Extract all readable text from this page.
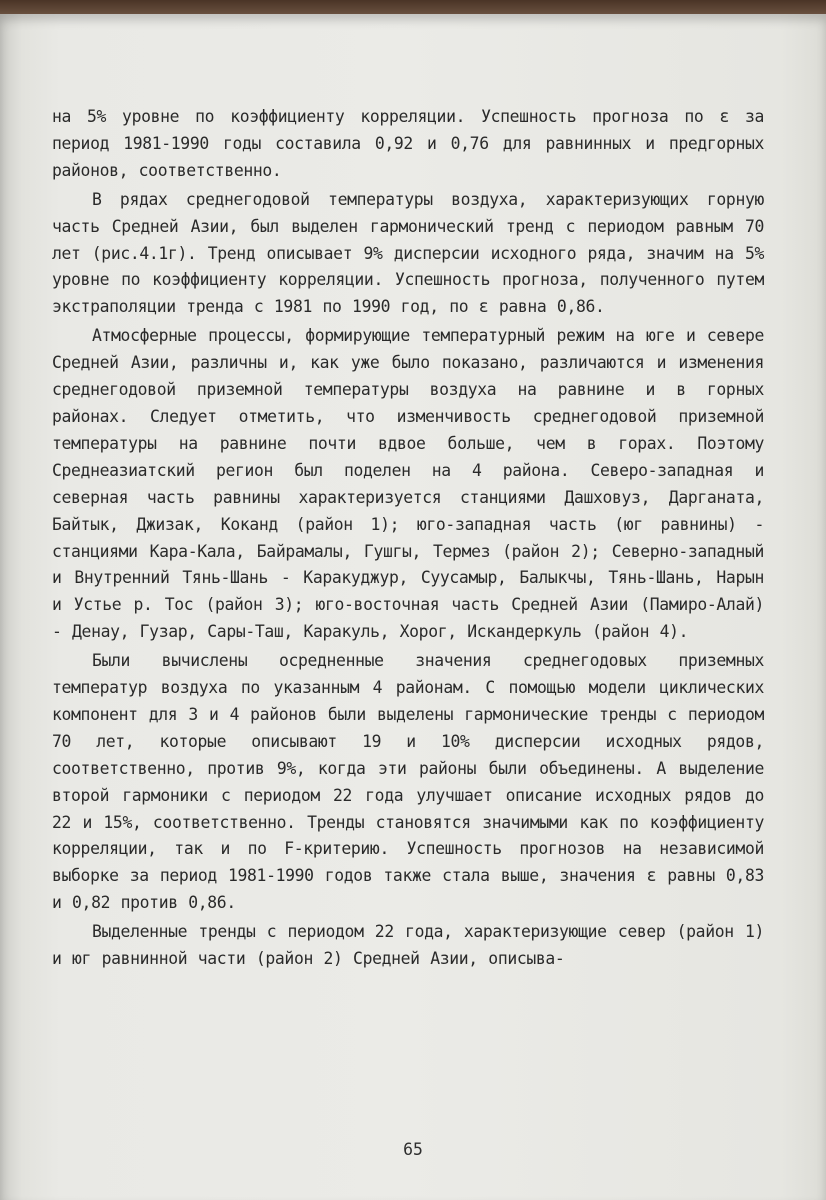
на 5% уровне по коэффициенту корреляции. Успешность прогноза по ε за период 1981-1990 годы составила 0,92 и 0,76 для равнинных и предгорных районов, соответственно.

В рядах среднегодовой температуры воздуха, характеризующих горную часть Средней Азии, был выделен гармонический тренд с периодом равным 70 лет (рис.4.1г). Тренд описывает 9% дисперсии исходного ряда, значим на 5% уровне по коэффициенту корреляции. Успешность прогноза, полученного путем экстраполяции тренда с 1981 по 1990 год, по ε равна 0,86.

Атмосферные процессы, формирующие температурный режим на юге и севере Средней Азии, различны и, как уже было показано, различаются и изменения среднегодовой приземной температуры воздуха на равнине и в горных районах. Следует отметить, что изменчивость среднегодовой приземной температуры на равнине почти вдвое больше, чем в горах. Поэтому Среднеазиатский регион был поделен на 4 района. Северо-западная и северная часть равнины характеризуется станциями Дашховуз, Дарганата, Байтык, Джизак, Коканд (район 1); юго-западная часть (юг равнины) - станциями Кара-Кала, Байрамалы, Гушгы, Термез (район 2); Северно-западный и Внутренний Тянь-Шань - Каракуджур, Суусамыр, Балыкчы, Тянь-Шань, Нарын и Устье р. Тос (район 3); юго-восточная часть Средней Азии (Памиро-Алай) - Денау, Гузар, Сары-Таш, Каракуль, Хорог, Искандеркуль (район 4).

Были вычислены осредненные значения среднегодовых приземных температур воздуха по указанным 4 районам. С помощью модели циклических компонент для 3 и 4 районов были выделены гармонические тренды с периодом 70 лет, которые описывают 19 и 10% дисперсии исходных рядов, соответственно, против 9%, когда эти районы были объединены. А выделение второй гармоники с периодом 22 года улучшает описание исходных рядов до 22 и 15%, соответственно. Тренды становятся значимыми как по коэффициенту корреляции, так и по F-критерию. Успешность прогнозов на независимой выборке за период 1981-1990 годов также стала выше, значения ε равны 0,83 и 0,82 против 0,86.

Выделенные тренды с периодом 22 года, характеризующие север (район 1) и юг равнинной части (район 2) Средней Азии, описыва-

65
